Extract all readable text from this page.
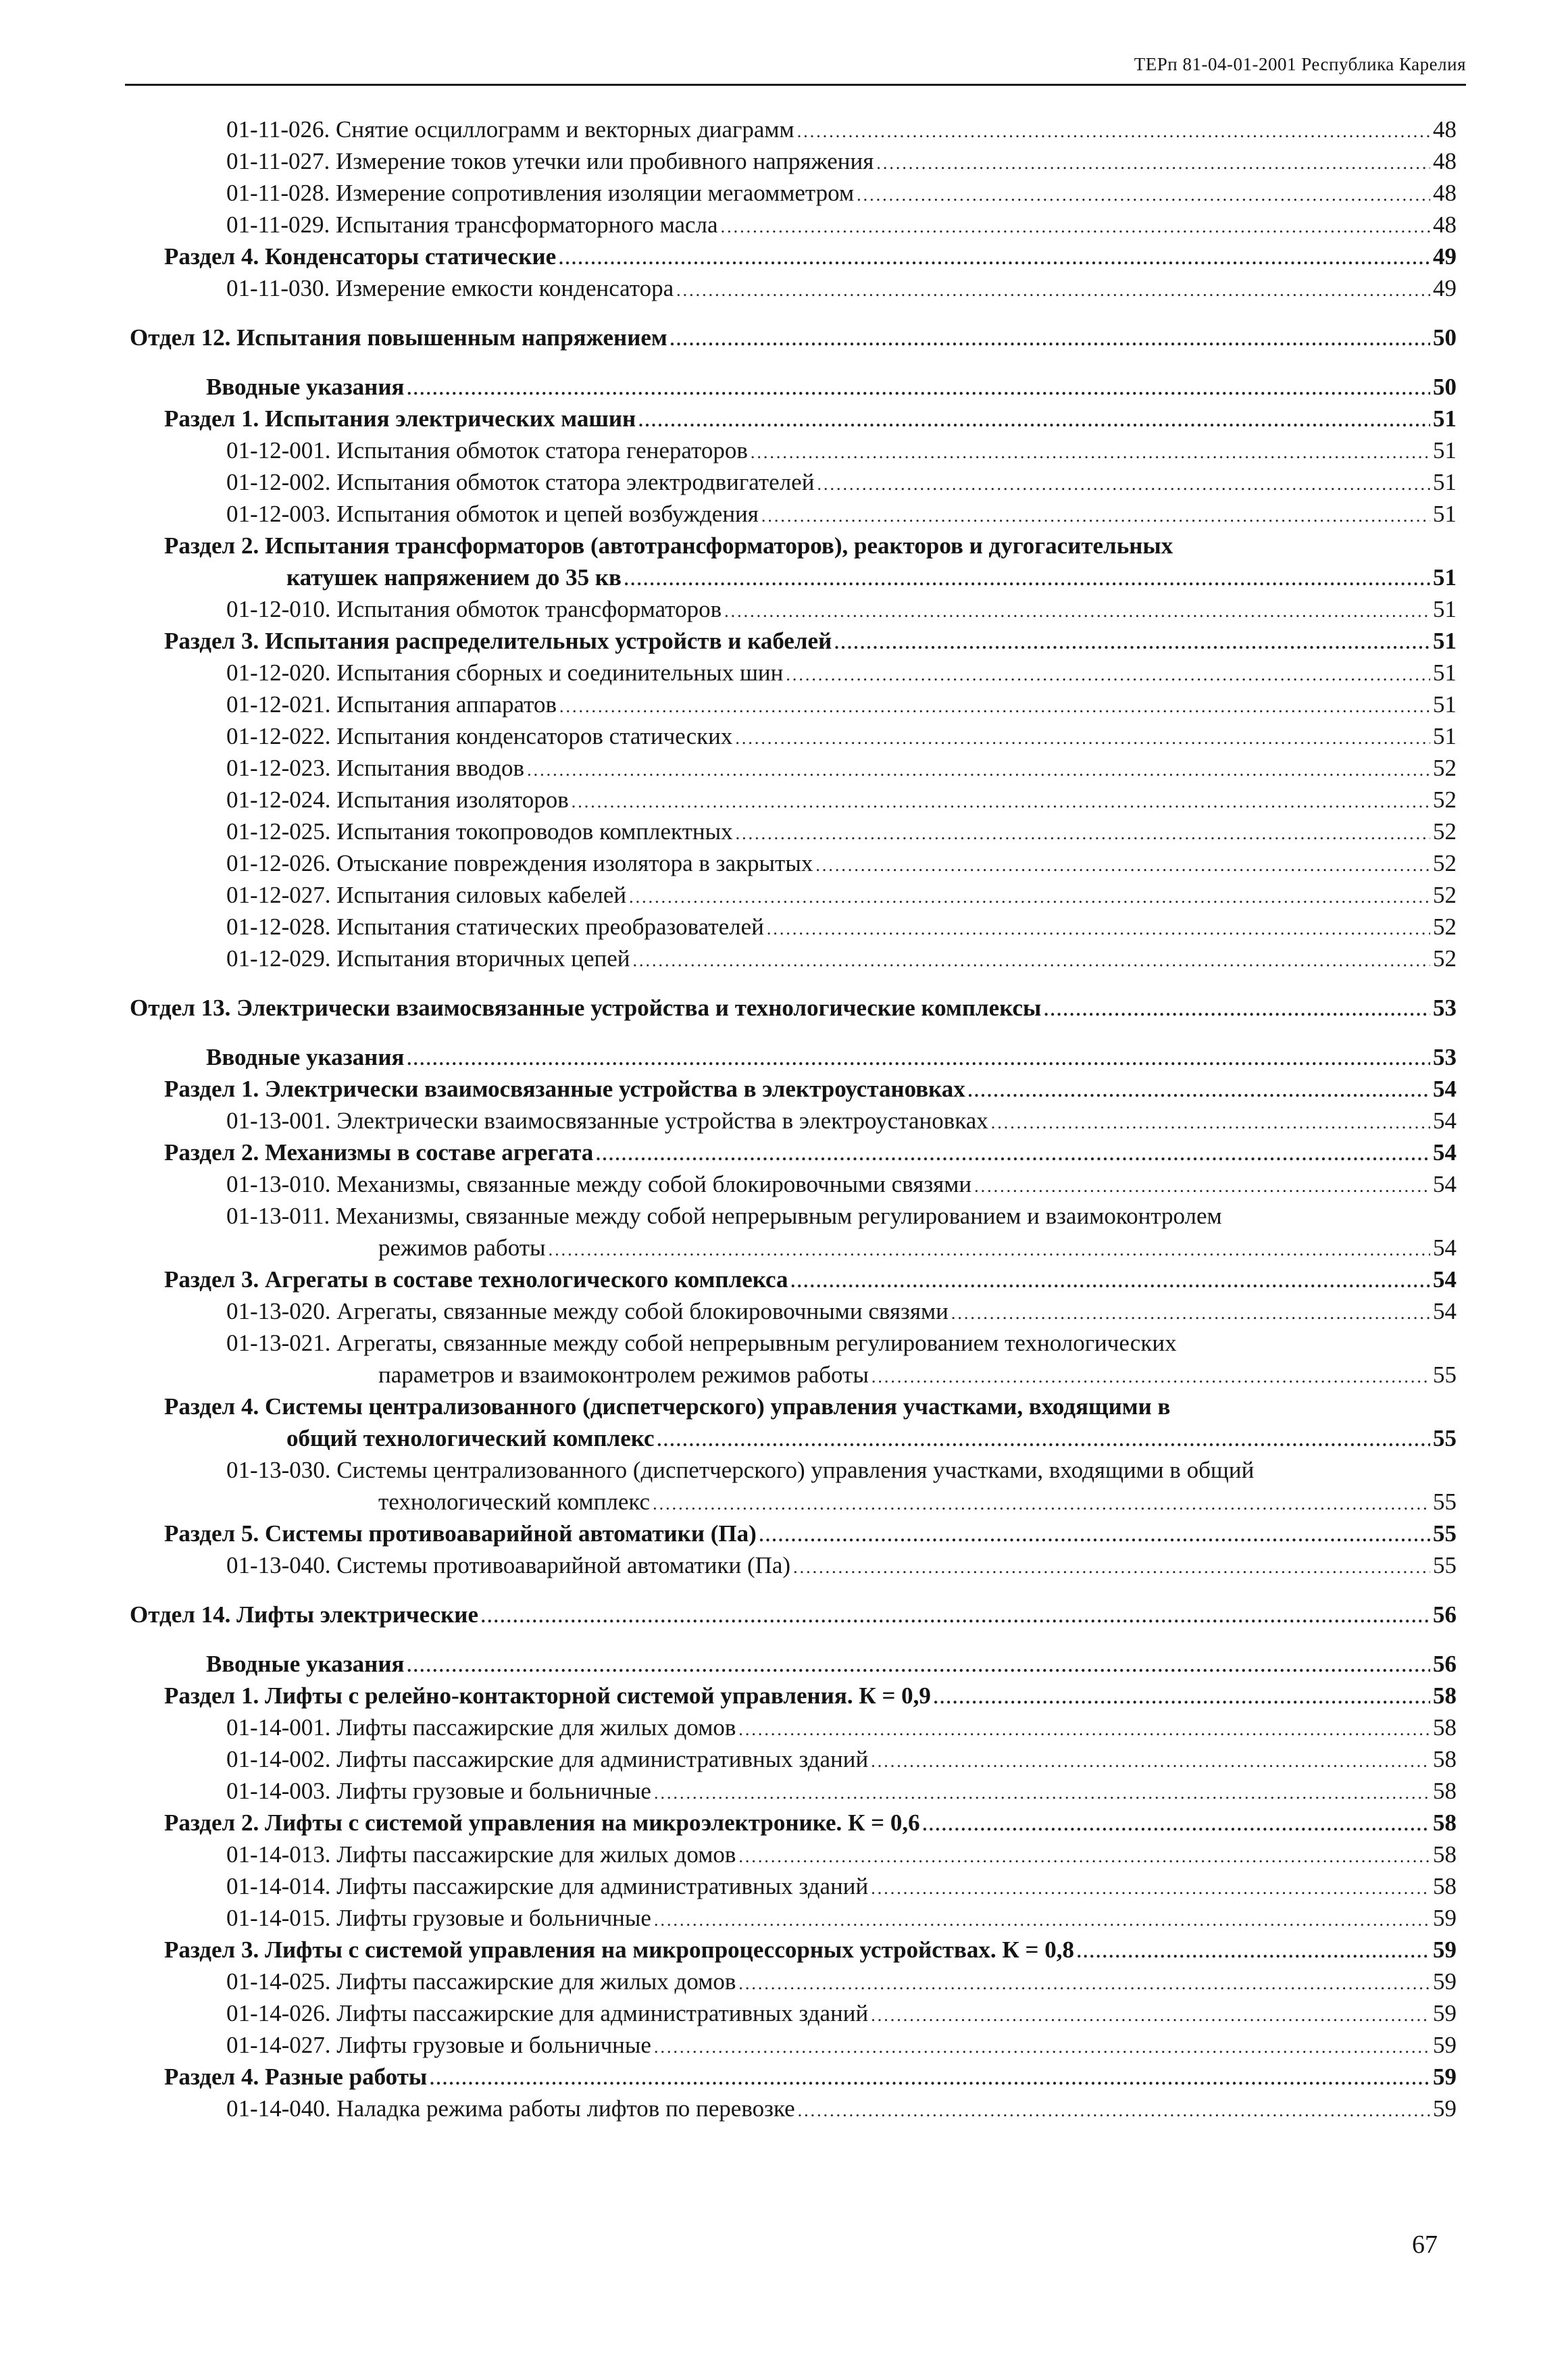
ТЕРп 81-04-01-2001 Республика Карелия
01-11-026. Снятие осциллограмм и векторных диаграмм .....	48
01-11-027. Измерение токов утечки или пробивного напряжения .....	48
01-11-028. Измерение сопротивления изоляции мегаомметром .....	48
01-11-029. Испытания трансформаторного масла .....	48
Раздел 4. Конденсаторы статические .....	49
01-11-030. Измерение емкости конденсатора .....	49
Отдел 12. Испытания повышенным напряжением .....	50
Вводные указания .....	50
Раздел 1. Испытания электрических машин .....	51
01-12-001. Испытания обмоток статора генераторов .....	51
01-12-002. Испытания обмоток статора электродвигателей .....	51
01-12-003. Испытания обмоток и цепей возбуждения .....	51
Раздел 2. Испытания трансформаторов (автотрансформаторов), реакторов и дугогасительных
катушек напряжением до 35 кв .....	51
01-12-010. Испытания обмоток трансформаторов .....	51
Раздел 3. Испытания распределительных устройств и кабелей .....	51
01-12-020. Испытания сборных и соединительных шин .....	51
01-12-021. Испытания аппаратов .....	51
01-12-022. Испытания конденсаторов статических .....	51
01-12-023. Испытания вводов .....	52
01-12-024. Испытания изоляторов .....	52
01-12-025. Испытания токопроводов комплектных .....	52
01-12-026. Отыскание повреждения изолятора в закрытых .....	52
01-12-027. Испытания силовых кабелей .....	52
01-12-028. Испытания статических преобразователей .....	52
01-12-029. Испытания вторичных цепей .....	52
Отдел 13. Электрически взаимосвязанные устройства и технологические комплексы .....	53
Вводные указания .....	53
Раздел 1. Электрически взаимосвязанные устройства в электроустановках .....	54
01-13-001. Электрически взаимосвязанные устройства в электроустановках .....	54
Раздел 2. Механизмы в составе агрегата .....	54
01-13-010. Механизмы, связанные между собой блокировочными связями .....	54
01-13-011. Механизмы, связанные между собой непрерывным регулированием и взаимоконтролем
режимов работы .....	54
Раздел 3. Агрегаты в составе технологического комплекса .....	54
01-13-020. Агрегаты, связанные между собой блокировочными связями .....	54
01-13-021. Агрегаты, связанные между собой непрерывным регулированием технологических
параметров и взаимоконтролем режимов работы .....	55
Раздел 4. Системы централизованного (диспетчерского) управления участками, входящими в
общий технологический комплекс .....	55
01-13-030. Системы централизованного (диспетчерского) управления участками, входящими в общий
технологический комплекс .....	55
Раздел 5. Системы противоаварийной автоматики (Па) .....	55
01-13-040. Системы противоаварийной автоматики (Па) .....	55
Отдел 14. Лифты электрические .....	56
Вводные указания .....	56
Раздел 1. Лифты с релейно-контакторной системой управления. К = 0,9 .....	58
01-14-001. Лифты пассажирские для жилых домов .....	58
01-14-002. Лифты пассажирские для административных зданий .....	58
01-14-003. Лифты грузовые и больничные .....	58
Раздел 2. Лифты с системой управления на микроэлектронике. К = 0,6 .....	58
01-14-013. Лифты пассажирские для жилых домов .....	58
01-14-014. Лифты пассажирские для административных зданий .....	58
01-14-015. Лифты грузовые и больничные .....	59
Раздел 3. Лифты с системой управления на микропроцессорных устройствах. К = 0,8 .....	59
01-14-025. Лифты пассажирские для жилых домов .....	59
01-14-026. Лифты пассажирские для административных зданий .....	59
01-14-027. Лифты грузовые и больничные .....	59
Раздел 4. Разные работы .....	59
01-14-040. Наладка режима работы лифтов по перевозке .....	59
67
